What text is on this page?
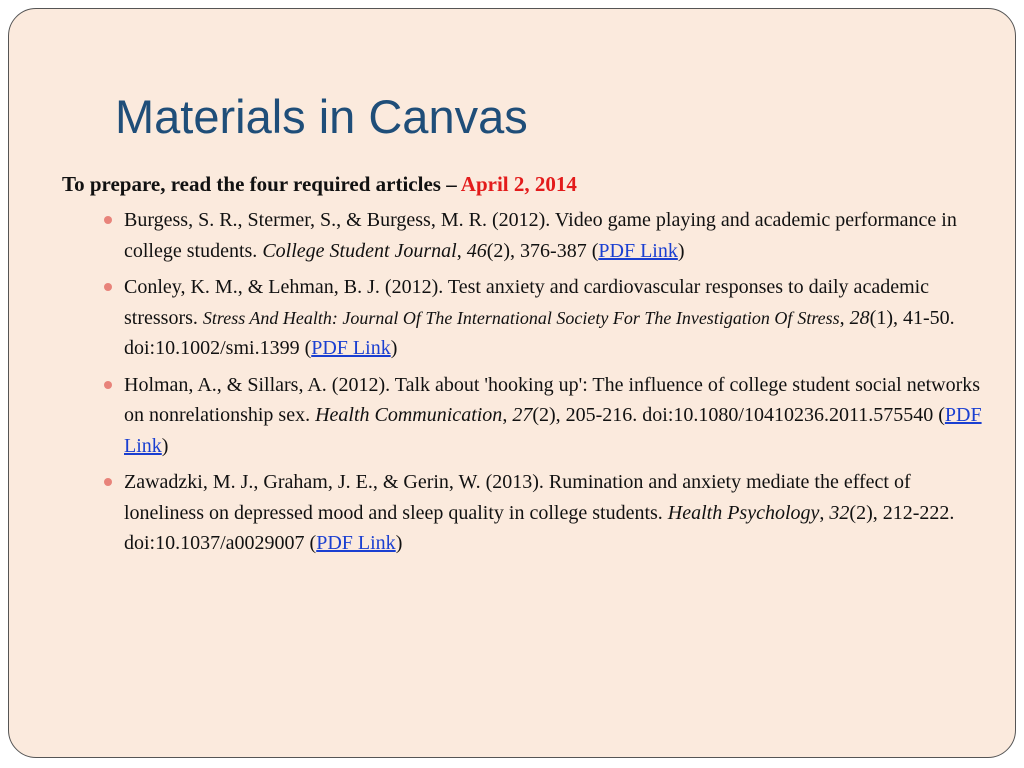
Materials in Canvas

To prepare, read the four required articles – April 2, 2014

Burgess, S. R., Stermer, S., & Burgess, M. R. (2012). Video game playing and academic performance in college students. College Student Journal, 46(2), 376-387 (PDF Link)
Conley, K. M., & Lehman, B. J. (2012). Test anxiety and cardiovascular responses to daily academic stressors. Stress And Health: Journal Of The International Society For The Investigation Of Stress, 28(1), 41-50. doi:10.1002/smi.1399 (PDF Link)
Holman, A., & Sillars, A. (2012). Talk about 'hooking up': The influence of college student social networks on nonrelationship sex. Health Communication, 27(2), 205-216. doi:10.1080/10410236.2011.575540 (PDF Link)
Zawadzki, M. J., Graham, J. E., & Gerin, W. (2013). Rumination and anxiety mediate the effect of loneliness on depressed mood and sleep quality in college students. Health Psychology, 32(2), 212-222. doi:10.1037/a0029007 (PDF Link)
